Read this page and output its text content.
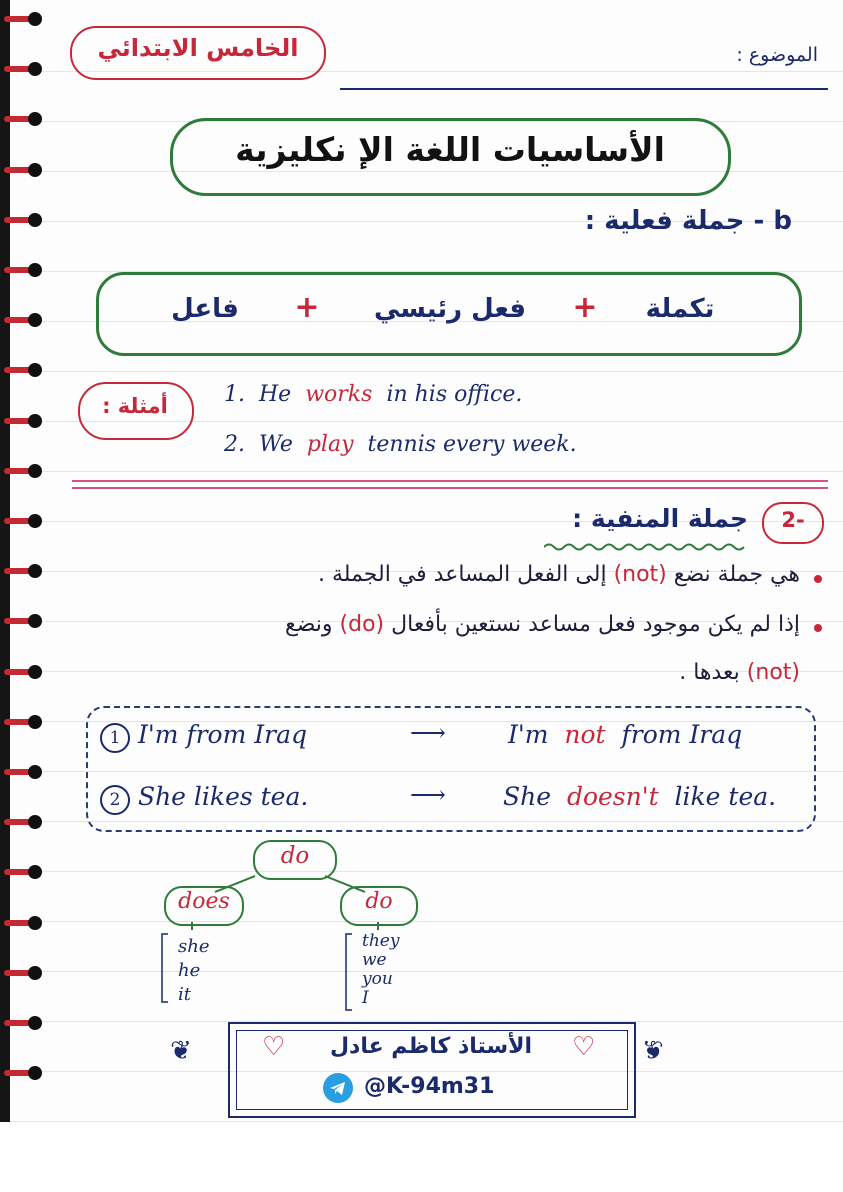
الخامس الابتدائي	الموضوع :
الأساسيات اللغة الإ نكليزية
b - جملة فعلية :
تكملة
+
فعل رئيسي
+
فاعل
أمثلة :	1. He works in his office.
2. We play tennis every week.
2-
جملة المنفية :
هي جملة نضع (not) إلى الفعل المساعد في الجملة .
إذا لم يكن موجود فعل مساعد نستعين بأفعال (do) ونضع
(not) بعدها .
1 I'm from Iraq	⟶ I'm not from Iraq
2 She likes tea.	⟶ She doesn't like tea.
do
does	do
she
he
it
they
we
you
I
❦	❦
♡	♡
الأستاذ كاظم عادل
@K-94m31
